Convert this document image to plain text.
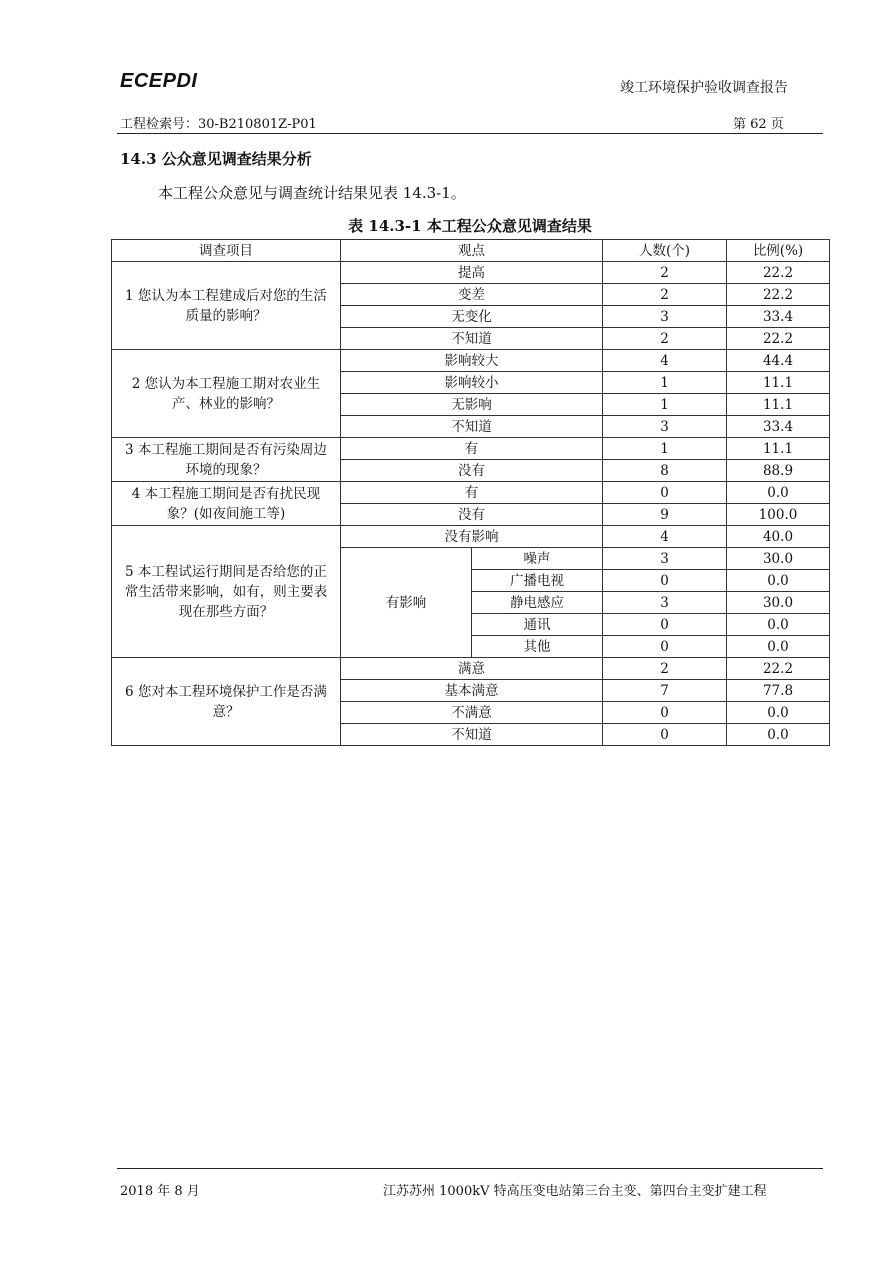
ECEPDI	竣工环境保护验收调查报告
工程检索号：30-B210801Z-P01	第 62 页
14.3 公众意见调查结果分析
本工程公众意见与调查统计结果见表 14.3-1。
表 14.3-1 本工程公众意见调查结果
调查项目	观点		人数(个)	比例(%)
1 您认为本工程建成后对您的生活质量的影响？	提高		2	22.2
	变差		2	22.2
	无变化		3	33.4
	不知道		2	22.2
2 您认为本工程施工期对农业生产、林业的影响？	影响较大		4	44.4
	影响较小		1	11.1
	无影响		1	11.1
	不知道		3	33.4
3 本工程施工期间是否有污染周边环境的现象？	有		1	11.1
	没有		8	88.9
4 本工程施工期间是否有扰民现象？(如夜间施工等)	有		0	0.0
	没有		9	100.0
5 本工程试运行期间是否给您的正常生活带来影响，如有，则主要表现在那些方面？	没有影响		4	40.0
	有影响	噪声	3	30.0
		广播电视	0	0.0
		静电感应	3	30.0
		通讯	0	0.0
		其他	0	0.0
6 您对本工程环境保护工作是否满意？	满意		2	22.2
	基本满意		7	77.8
	不满意		0	0.0
	不知道		0	0.0
2018 年 8 月	江苏苏州 1000kV 特高压变电站第三台主变、第四台主变扩建工程
